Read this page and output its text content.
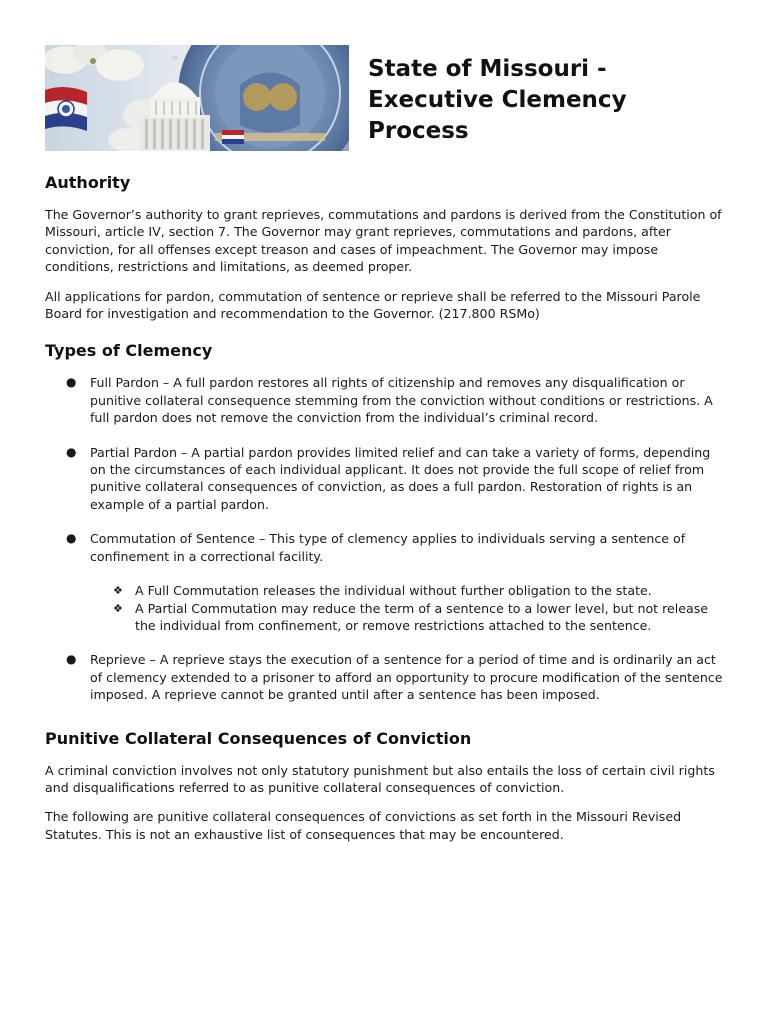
State of Missouri -
Executive Clemency
Process
Authority

The Governor’s authority to grant reprieves, commutations and pardons is derived from the Constitution of Missouri, article IV, section 7. The Governor may grant reprieves, commutations and pardons, after conviction, for all offenses except treason and cases of impeachment. The Governor may impose conditions, restrictions and limitations, as deemed proper.

All applications for pardon, commutation of sentence or reprieve shall be referred to the Missouri Parole Board for investigation and recommendation to the Governor. (217.800 RSMo)

Types of Clemency
● Full Pardon – A full pardon restores all rights of citizenship and removes any disqualification or punitive collateral consequence stemming from the conviction without conditions or restrictions. A full pardon does not remove the conviction from the individual’s criminal record.
● Partial Pardon – A partial pardon provides limited relief and can take a variety of forms, depending on the circumstances of each individual applicant. It does not provide the full scope of relief from punitive collateral consequences of conviction, as does a full pardon. Restoration of rights is an example of a partial pardon.
● Commutation of Sentence – This type of clemency applies to individuals serving a sentence of confinement in a correctional facility.
❖ A Full Commutation releases the individual without further obligation to the state.
❖ A Partial Commutation may reduce the term of a sentence to a lower level, but not release the individual from confinement, or remove restrictions attached to the sentence.
● Reprieve – A reprieve stays the execution of a sentence for a period of time and is ordinarily an act of clemency extended to a prisoner to afford an opportunity to procure modification of the sentence imposed. A reprieve cannot be granted until after a sentence has been imposed.
Punitive Collateral Consequences of Conviction

A criminal conviction involves not only statutory punishment but also entails the loss of certain civil rights and disqualifications referred to as punitive collateral consequences of conviction.

The following are punitive collateral consequences of convictions as set forth in the Missouri Revised Statutes. This is not an exhaustive list of consequences that may be encountered.
